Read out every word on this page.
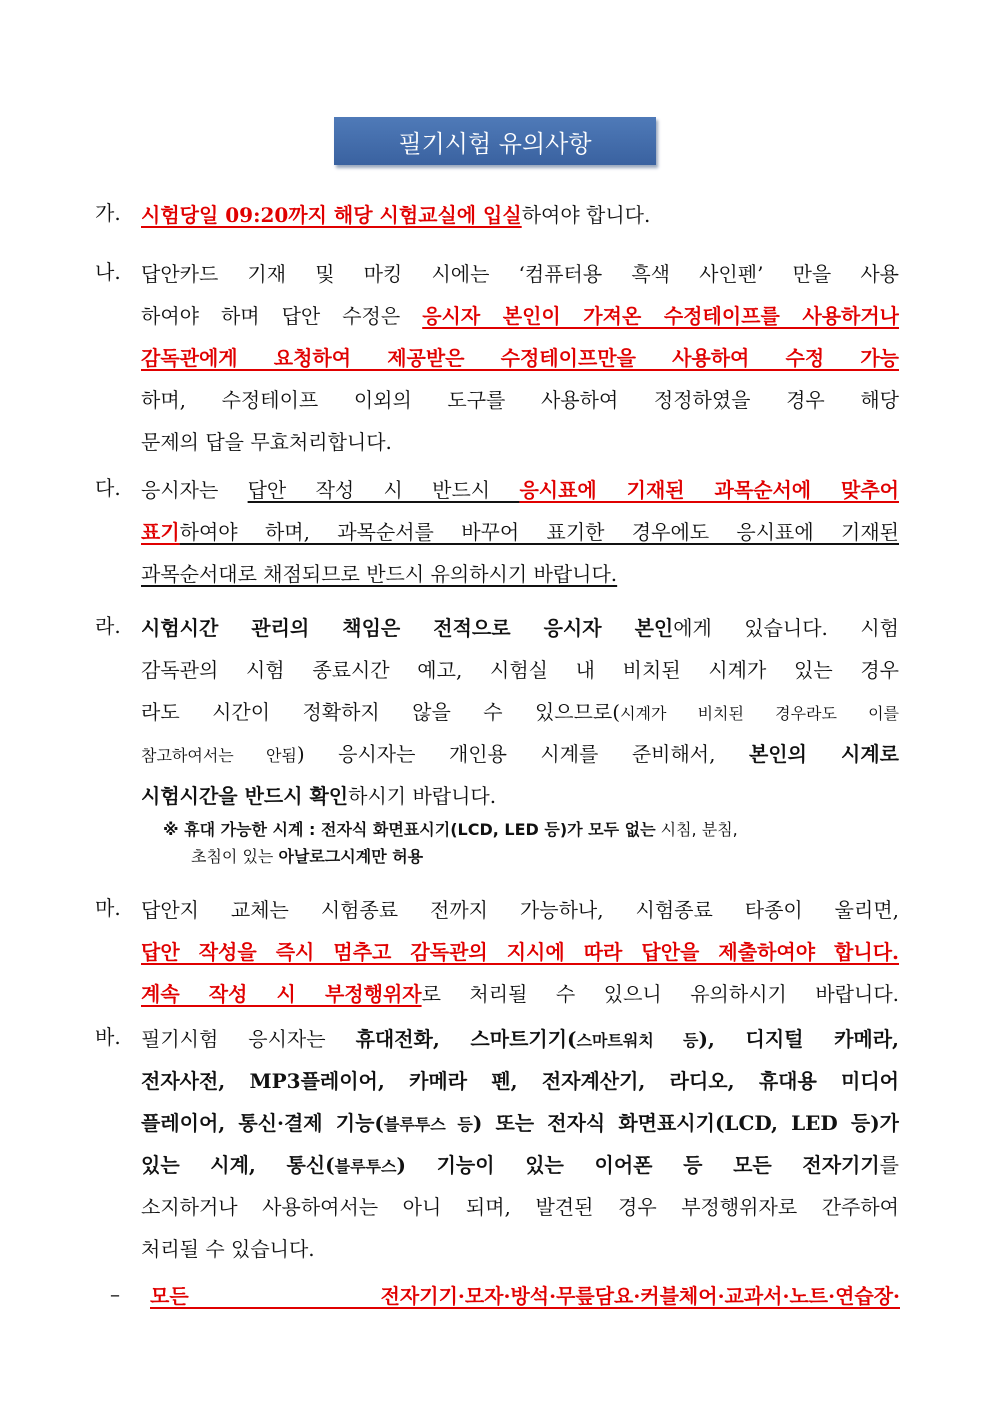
필기시험 유의사항
가. 시험당일 09:20까지 해당 시험교실에 입실하여야 합니다.
나. 답안카드 기재 및 마킹 시에는 ‘컴퓨터용 흑색 사인펜’ 만을 사용
하여야 하며 답안 수정은 응시자 본인이 가져온 수정테이프를 사용하거나
감독관에게 요청하여 제공받은 수정테이프만을 사용하여 수정 가능
하며, 수정테이프 이외의 도구를 사용하여 정정하였을 경우 해당
문제의 답을 무효처리합니다.
다. 응시자는 답안 작성 시 반드시 응시표에 기재된 과목순서에 맞추어
표기하여야 하며, 과목순서를 바꾸어 표기한 경우에도 응시표에 기재된
과목순서대로 채점되므로 반드시 유의하시기 바랍니다.
라. 시험시간 관리의 책임은 전적으로 응시자 본인에게 있습니다. 시험
감독관의 시험 종료시간 예고, 시험실 내 비치된 시계가 있는 경우
라도 시간이 정확하지 않을 수 있으므로(시계가 비치된 경우라도 이를
참고하여서는 안됨) 응시자는 개인용 시계를 준비해서, 본인의 시계로
시험시간을 반드시 확인하시기 바랍니다.
※ 휴대 가능한 시계 : 전자식 화면표시기(LCD, LED 등)가 모두 없는 시침, 분침,
초침이 있는 아날로그시계만 허용
마. 답안지 교체는 시험종료 전까지 가능하나, 시험종료 타종이 울리면,
답안 작성을 즉시 멈추고 감독관의 지시에 따라 답안을 제출하여야 합니다.
계속 작성 시 부정행위자로 처리될 수 있으니 유의하시기 바랍니다.
바. 필기시험 응시자는 휴대전화, 스마트기기(스마트워치 등), 디지털 카메라,
전자사전, MP3플레이어, 카메라 펜, 전자계산기, 라디오, 휴대용 미디어
플레이어, 통신·결제 기능(블루투스 등) 또는 전자식 화면표시기(LCD, LED 등)가
있는 시계, 통신(블루투스) 기능이 있는 이어폰 등 모든 전자기기를
소지하거나 사용하여서는 아니 되며, 발견된 경우 부정행위자로 간주하여
처리될 수 있습니다.
– 모든 전자기기·모자·방석·무릎담요·커블체어·교과서·노트·연습장·
